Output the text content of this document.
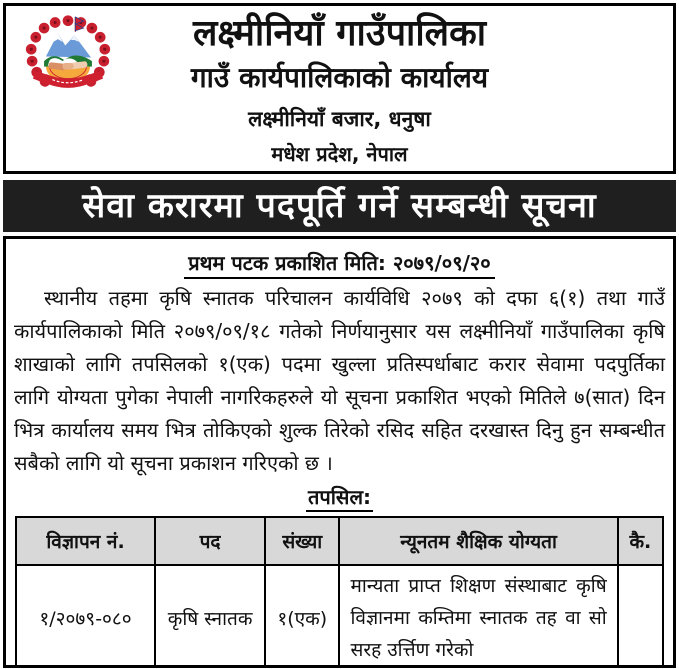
लक्ष्मीनियाँ गाउँपालिका
गाउँ कार्यपालिकाको कार्यालय
लक्ष्मीनियाँ बजार, धनुषा
मधेश प्रदेश, नेपाल
सेवा करारमा पदपूर्ति गर्ने सम्बन्धी सूचना
प्रथम पटक प्रकाशित मिति: २०७९/०९/२०

स्थानीय तहमा कृषि स्नातक परिचालन कार्यविधि २०७९ को दफा ६(१) तथा गाउँ कार्यपालिकाको मिति २०७९/०९/१८ गतेको निर्णयानुसार यस लक्ष्मीनियाँ गाउँपालिका कृषि शाखाको लागि तपसिलको १(एक) पदमा खुल्ला प्रतिस्पर्धाबाट करार सेवामा पदपुर्तिका लागि योग्यता पुगेका नेपाली नागरिकहरुले यो सूचना प्रकाशित भएको मितिले ७(सात) दिन भित्र कार्यालय समय भित्र तोकिएको शुल्क तिरेको रसिद सहित दरखास्त दिनु हुन सम्बन्धीत सबैको लागि यो सूचना प्रकाशन गरिएको छ ।

तपसिल:
विज्ञापन नं.	पद	संख्या	न्यूनतम शैक्षिक योग्यता	कै.
१/२०७९-०८०	कृषि स्नातक	१(एक)	मान्यता प्राप्त शिक्षण संस्थाबाट कृषि विज्ञानमा कम्तिमा स्नातक तह वा सो सरह उर्त्तिण गरेको	
